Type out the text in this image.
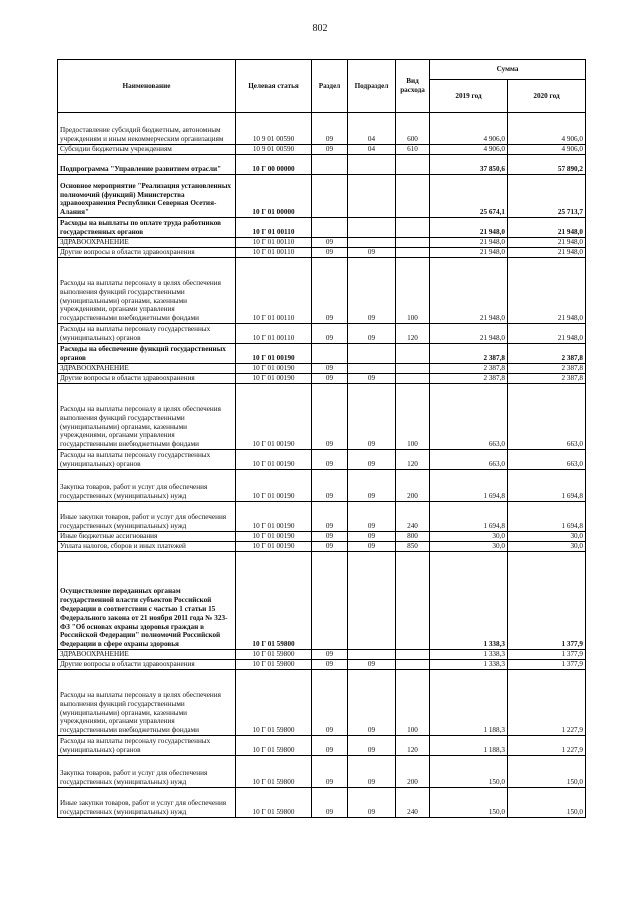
802
Наименование	Целевая статья	Раздел	Подраздел	Вид расхода	Сумма	
					2019 год	2020 год
Предоставление субсидий бюджетным, автономным учреждениям и иным некоммерческим организациям	10 9 01 00590	09	04	600	4 906,0	4 906,0
Субсидии бюджетным учреждениям	10 9 01 00590	09	04	610	4 906,0	4 906,0
Подпрограмма "Управление развитием отрасли"	10 Г 00 00000				37 850,6	57 890,2
Основное мероприятие "Реализация установленных полномочий (функций) Министерства здравоохранения Республики Северная Осетия-Алания"	10 Г 01 00000				25 674,1	25 713,7
Расходы на выплаты по оплате труда работников государственных органов	10 Г 01 00110				21 948,0	21 948,0
ЗДРАВООХРАНЕНИЕ	10 Г 01 00110	09			21 948,0	21 948,0
Другие вопросы в области здравоохранения	10 Г 01 00110	09	09		21 948,0	21 948,0
Расходы на выплаты персоналу в целях обеспечения выполнения функций государственными (муниципальными) органами, казенными учреждениями, органами управления государственными внебюджетными фондами	10 Г 01 00110	09	09	100	21 948,0	21 948,0
Расходы на выплаты персоналу государственных (муниципальных) органов	10 Г 01 00110	09	09	120	21 948,0	21 948,0
Расходы на обеспечение функций государственных органов	10 Г 01 00190				2 387,8	2 387,8
ЗДРАВООХРАНЕНИЕ	10 Г 01 00190	09			2 387,8	2 387,8
Другие вопросы в области здравоохранения	10 Г 01 00190	09	09		2 387,8	2 387,8
Расходы на выплаты персоналу в целях обеспечения выполнения функций государственными (муниципальными) органами, казенными учреждениями, органами управления государственными внебюджетными фондами	10 Г 01 00190	09	09	100	663,0	663,0
Расходы на выплаты персоналу государственных (муниципальных) органов	10 Г 01 00190	09	09	120	663,0	663,0
Закупка товаров, работ и услуг для обеспечения государственных (муниципальных) нужд	10 Г 01 00190	09	09	200	1 694,8	1 694,8
Иные закупки товаров, работ и услуг для обеспечения государственных (муниципальных) нужд	10 Г 01 00190	09	09	240	1 694,8	1 694,8
Иные бюджетные ассигнования	10 Г 01 00190	09	09	800	30,0	30,0
Уплата налогов, сборов и иных платежей	10 Г 01 00190	09	09	850	30,0	30,0
Осуществление переданных органам государственной власти субъектов Российской Федерации в соответствии с частью 1 статьи 15 Федерального закона от 21 ноября 2011 года № 323-ФЗ "Об основах охраны здоровья граждан в Российской Федерации" полномочий Российской Федерации в сфере охраны здоровья	10 Г 01 59800				1 338,3	1 377,9
ЗДРАВООХРАНЕНИЕ	10 Г 01 59800	09			1 338,3	1 377,9
Другие вопросы в области здравоохранения	10 Г 01 59800	09	09		1 338,3	1 377,9
Расходы на выплаты персоналу в целях обеспечения выполнения функций государственными (муниципальными) органами, казенными учреждениями, органами управления государственными внебюджетными фондами	10 Г 01 59800	09	09	100	1 188,3	1 227,9
Расходы на выплаты персоналу государственных (муниципальных) органов	10 Г 01 59800	09	09	120	1 188,3	1 227,9
Закупка товаров, работ и услуг для обеспечения государственных (муниципальных) нужд	10 Г 01 59800	09	09	200	150,0	150,0
Иные закупки товаров, работ и услуг для обеспечения государственных (муниципальных) нужд	10 Г 01 59800	09	09	240	150,0	150,0
